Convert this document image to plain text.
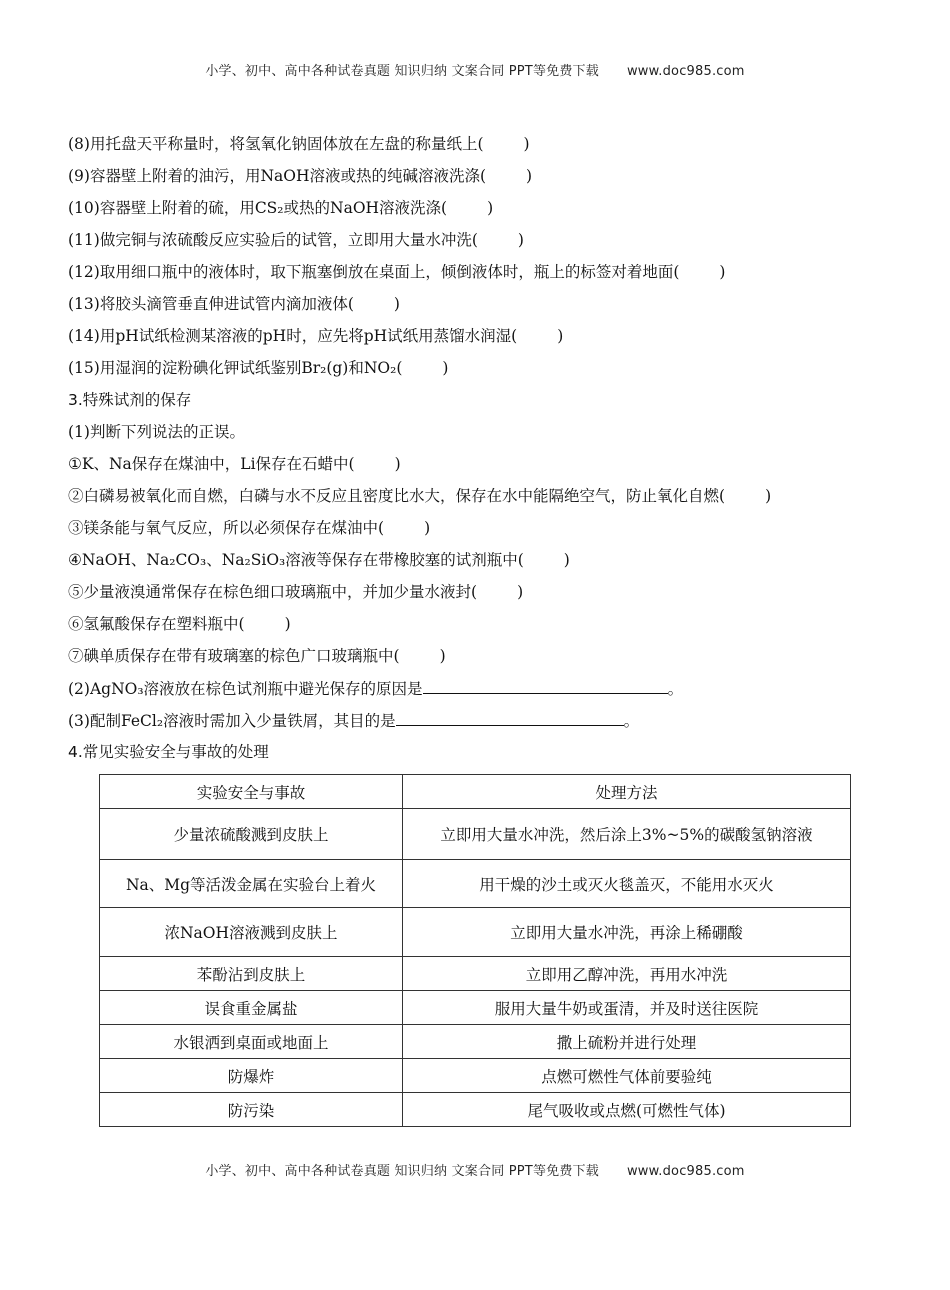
小学、初中、高中各种试卷真题 知识归纳 文案合同 PPT等免费下载 www.doc985.com
(8)用托盘天平称量时，将氢氧化钠固体放在左盘的称量纸上(	)
(9)容器壁上附着的油污，用NaOH溶液或热的纯碱溶液洗涤(	)
(10)容器壁上附着的硫，用CS₂或热的NaOH溶液洗涤(	)
(11)做完铜与浓硫酸反应实验后的试管，立即用大量水冲洗(	)
(12)取用细口瓶中的液体时，取下瓶塞倒放在桌面上，倾倒液体时，瓶上的标签对着地面(	)
(13)将胶头滴管垂直伸进试管内滴加液体(	)
(14)用pH试纸检测某溶液的pH时，应先将pH试纸用蒸馏水润湿(	)
(15)用湿润的淀粉碘化钾试纸鉴别Br₂(g)和NO₂(	)
3.特殊试剂的保存
(1)判断下列说法的正误。
①K、Na保存在煤油中，Li保存在石蜡中(	)
②白磷易被氧化而自燃，白磷与水不反应且密度比水大，保存在水中能隔绝空气，防止氧化自燃(	)
③镁条能与氧气反应，所以必须保存在煤油中(	)
④NaOH、Na₂CO₃、Na₂SiO₃溶液等保存在带橡胶塞的试剂瓶中(	)
⑤少量液溴通常保存在棕色细口玻璃瓶中，并加少量水液封(	)
⑥氢氟酸保存在塑料瓶中(	)
⑦碘单质保存在带有玻璃塞的棕色广口玻璃瓶中(	)
(2)AgNO₃溶液放在棕色试剂瓶中避光保存的原因是	。
(3)配制FeCl₂溶液时需加入少量铁屑，其目的是	。
4.常见实验安全与事故的处理
实验安全与事故	处理方法
少量浓硫酸溅到皮肤上	立即用大量水冲洗，然后涂上3%~5%的碳酸氢钠溶液
Na、Mg等活泼金属在实验台上着火	用干燥的沙土或灭火毯盖灭，不能用水灭火
浓NaOH溶液溅到皮肤上	立即用大量水冲洗，再涂上稀硼酸
苯酚沾到皮肤上	立即用乙醇冲洗，再用水冲洗
误食重金属盐	服用大量牛奶或蛋清，并及时送往医院
水银洒到桌面或地面上	撒上硫粉并进行处理
防爆炸	点燃可燃性气体前要验纯
防污染	尾气吸收或点燃(可燃性气体)
小学、初中、高中各种试卷真题 知识归纳 文案合同 PPT等免费下载 www.doc985.com
